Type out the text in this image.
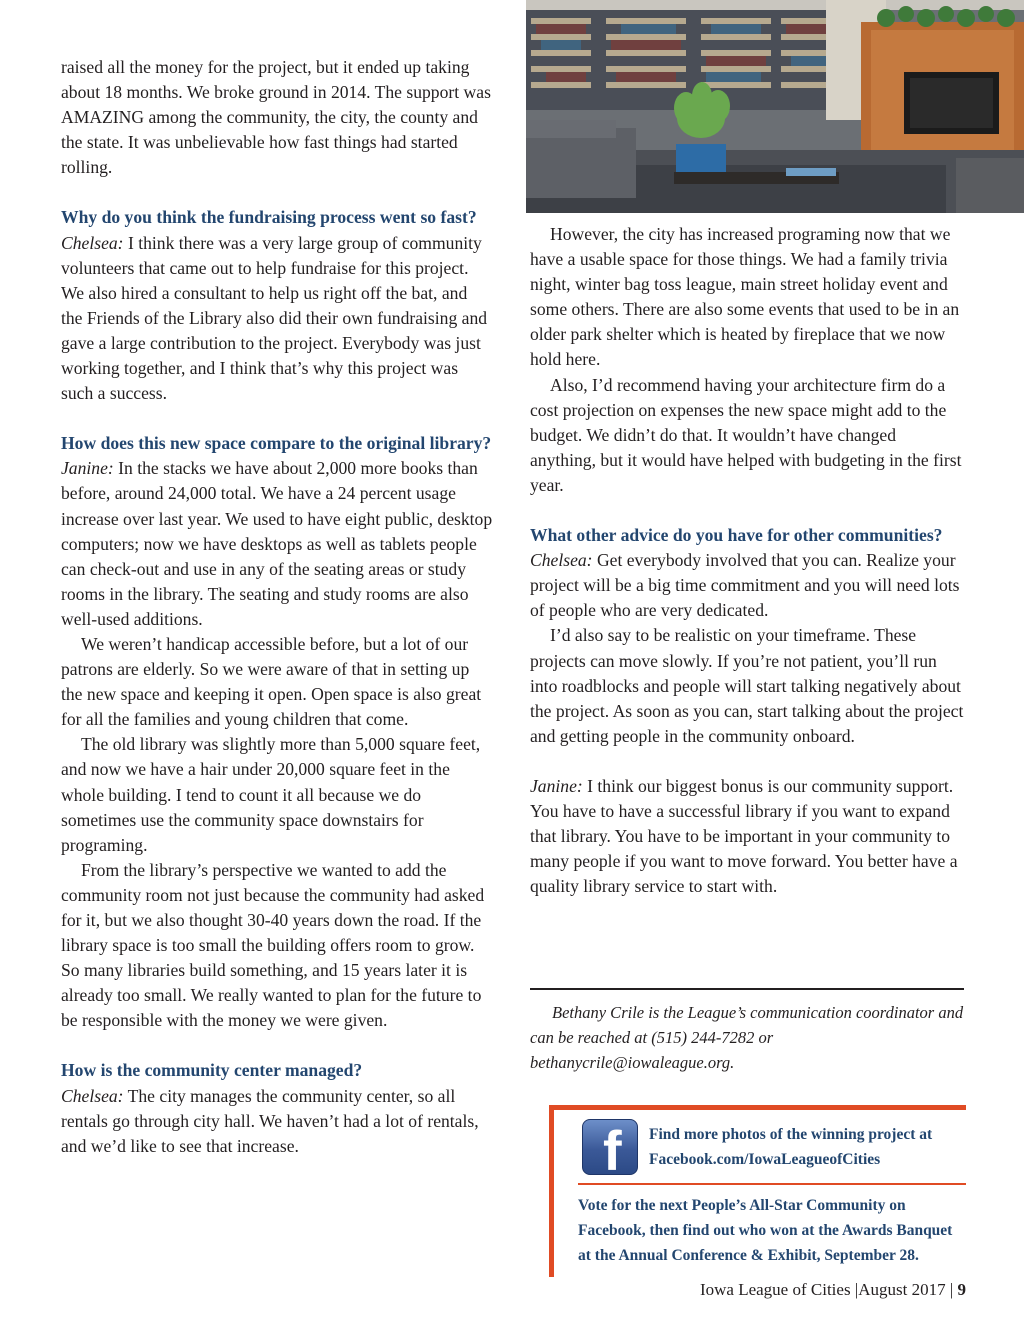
raised all the money for the project, but it ended up taking about 18 months. We broke ground in 2014. The support was AMAZING among the community, the city, the county and the state. It was unbelievable how fast things had started rolling.

Why do you think the fundraising process went so fast?

Chelsea: I think there was a very large group of community volunteers that came out to help fundraise for this project. We also hired a consultant to help us right off the bat, and the Friends of the Library also did their own fundraising and gave a large contribution to the project. Everybody was just working together, and I think that’s why this project was such a success.

How does this new space compare to the original library?

Janine: In the stacks we have about 2,000 more books than before, around 24,000 total. We have a 24 percent usage increase over last year. We used to have eight public, desktop computers; now we have desktops as well as tablets people can check-out and use in any of the seating areas or study rooms in the library. The seating and study rooms are also well-used additions.

We weren’t handicap accessible before, but a lot of our patrons are elderly. So we were aware of that in setting up the new space and keeping it open. Open space is also great for all the families and young children that come.

The old library was slightly more than 5,000 square feet, and now we have a hair under 20,000 square feet in the whole building. I tend to count it all because we do sometimes use the community space downstairs for programing.

From the library’s perspective we wanted to add the community room not just because the community had asked for it, but we also thought 30-40 years down the road. If the library space is too small the building offers room to grow. So many libraries build something, and 15 years later it is already too small. We really wanted to plan for the future to be responsible with the money we were given.

How is the community center managed?

Chelsea: The city manages the community center, so all rentals go through city hall. We haven’t had a lot of rentals, and we’d like to see that increase.

However, the city has increased programing now that we have a usable space for those things. We had a family trivia night, winter bag toss league, main street holiday event and some others. There are also some events that used to be in an older park shelter which is heated by fireplace that we now hold here.

Also, I’d recommend having your architecture firm do a cost projection on expenses the new space might add to the budget. We didn’t do that. It wouldn’t have changed anything, but it would have helped with budgeting in the first year.

What other advice do you have for other communities?

Chelsea: Get everybody involved that you can. Realize your project will be a big time commitment and you will need lots of people who are very dedicated.

I’d also say to be realistic on your timeframe. These projects can move slowly. If you’re not patient, you’ll run into roadblocks and people will start talking negatively about the project. As soon as you can, start talking about the project and getting people in the community onboard.

Janine: I think our biggest bonus is our community support. You have to have a successful library if you want to expand that library. You have to be important in your community to many people if you want to move forward. You better have a quality library service to start with.

Bethany Crile is the League’s communication coordinator and can be reached at (515) 244-7282 or bethanycrile@iowaleague.org.

f Find more photos of the winning project at

Facebook.com/IowaLeagueofCities

Vote for the next People’s All-Star Community on Facebook, then find out who won at the Awards Banquet at the Annual Conference & Exhibit, September 28.

Iowa League of Cities |August 2017 | 9
